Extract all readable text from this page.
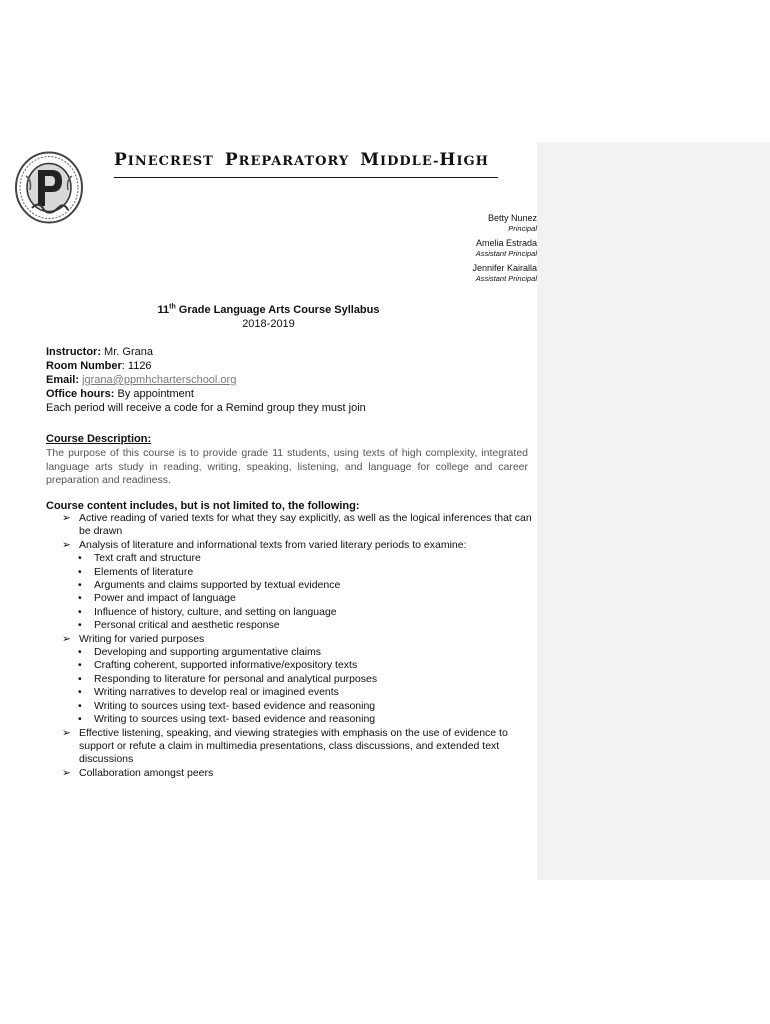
PINECREST PREPARATORY MIDDLE-HIGH
Betty Nunez
Principal
Amelia Estrada
Assistant Principal
Jennifer Kairalla
Assistant Principal
11th Grade Language Arts Course Syllabus
2018-2019
Instructor: Mr. Grana
Room Number: 1126
Email: jgrana@ppmhcharterschool.org
Office hours: By appointment
Each period will receive a code for a Remind group they must join
Course Description:
The purpose of this course is to provide grade 11 students, using texts of high complexity, integrated language arts study in reading, writing, speaking, listening, and language for college and career preparation and readiness.
Course content includes, but is not limited to, the following:
➢ Active reading of varied texts for what they say explicitly, as well as the logical inferences that can be drawn
➢ Analysis of literature and informational texts from varied literary periods to examine:
• Text craft and structure
• Elements of literature
• Arguments and claims supported by textual evidence
• Power and impact of language
• Influence of history, culture, and setting on language
• Personal critical and aesthetic response
➢ Writing for varied purposes
• Developing and supporting argumentative claims
• Crafting coherent, supported informative/expository texts
• Responding to literature for personal and analytical purposes
• Writing narratives to develop real or imagined events
• Writing to sources using text- based evidence and reasoning
• Writing to sources using text- based evidence and reasoning
➢ Effective listening, speaking, and viewing strategies with emphasis on the use of evidence to support or refute a claim in multimedia presentations, class discussions, and extended text discussions
➢ Collaboration amongst peers
